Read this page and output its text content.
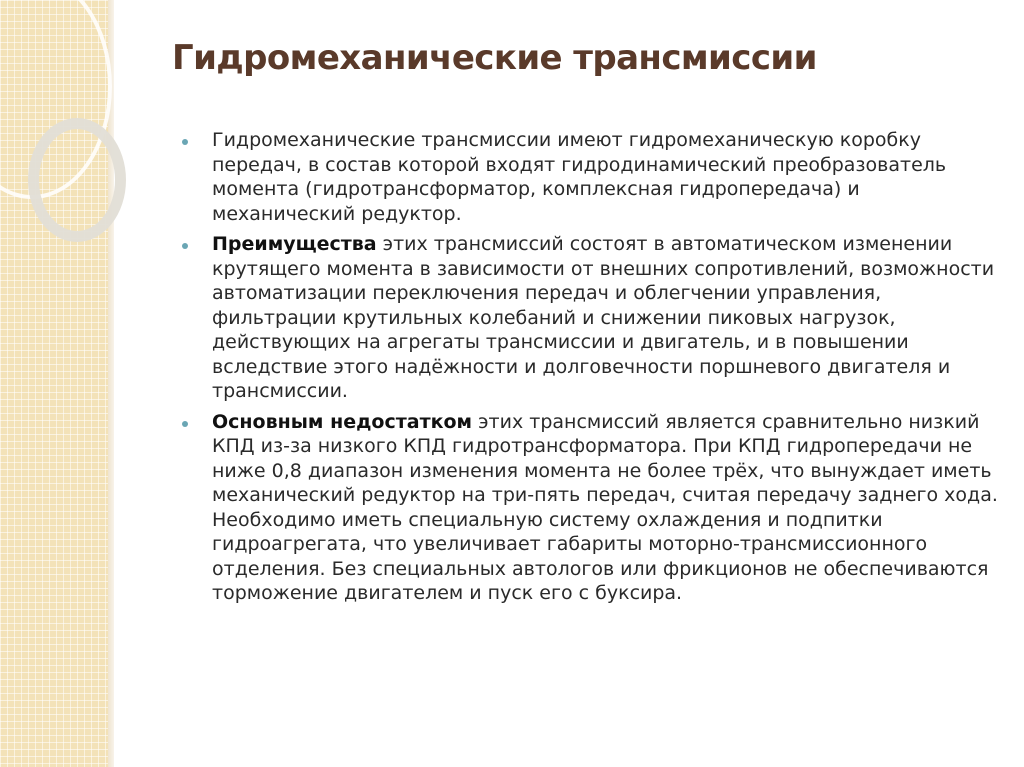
Гидромеханические трансмиссии
Гидромеханические трансмиссии имеют гидромеханическую коробку передач, в состав которой входят гидродинамический преобразователь момента (гидротрансформатор, комплексная гидропередача) и механический редуктор.
Преимущества этих трансмиссий состоят в автоматическом изменении крутящего момента в зависимости от внешних сопротивлений, возможности автоматизации переключения передач и облегчении управления, фильтрации крутильных колебаний и снижении пиковых нагрузок, действующих на агрегаты трансмиссии и двигатель, и в повышении вследствие этого надёжности и долговечности поршневого двигателя и трансмиссии.
Основным недостатком этих трансмиссий является сравнительно низкий КПД из-за низкого КПД гидротрансформатора. При КПД гидропередачи не ниже 0,8 диапазон изменения момента не более трёх, что вынуждает иметь механический редуктор на три-пять передач, считая передачу заднего хода. Необходимо иметь специальную систему охлаждения и подпитки гидроагрегата, что увеличивает габариты моторно-трансмиссионного отделения. Без специальных автологов или фрикционов не обеспечиваются торможение двигателем и пуск его с буксира.
